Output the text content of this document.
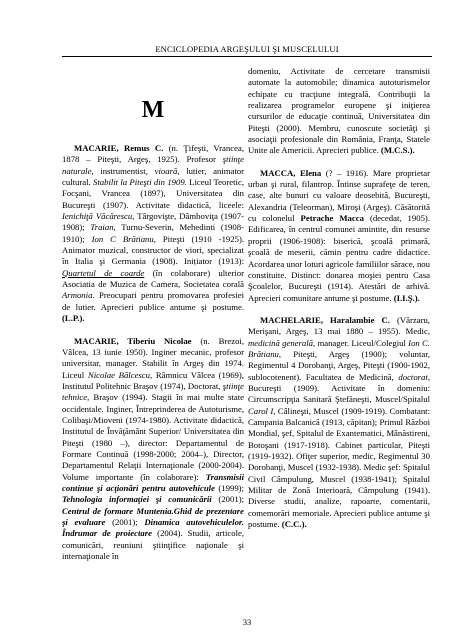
ENCICLOPEDIA ARGEŞULUI ŞI MUSCELULUI

MACARIE, Remus C. (n. Ţifeşti, Vrancea, 1878 – Piteşti, Argeş, 1925). Profesor ştiinţe naturale, instrumentist, vioară, lutier, animator cultural. Stabilit la Piteşti din 1909. Liceul Teoretic, Focşani, Vrancea (1897), Universitatea din Bucureşti (1907). Activitate didactică, liceele: Ienichiţă Văcărescu, Târgovişte, Dâmboviţa (1907-1908); Traian, Turnu-Severin, Mehedinti (1908-1910); Ion C Brătianu, Piteşti (1910 -1925). Animator muzical, constructor de viori, specializat în Italia şi Germania (1908). Inițiator (1913): Quartetul de coarde (în colaborare) ulterior Asociatia de Muzica de Camera, Societatea corală Armonia. Preocupari pentru promovarea profesiei de lutier. Aprecieri publice antume şi postume. (L.P.).

MACARIE, Tiberiu Nicolae (n. Brezoi, Vâlcea, 13 iunie 1950). Inginer mecanic, profesor universitar, manager. Stabilit în Argeş din 1974. Liceul Nicolae Bălcescu, Râmnicu Vâlcea (1969), Institutul Politehnic Braşov (1974), Doctorat, ştiinţe tehnice, Braşov (1994). Stagii în mai multe state occidentale. Inginer, Întreprinderea de Autoturisme, Colibaşi/Mioveni (1974-1980). Activitate didactică, Institutul de Învăţământ Superior/ Universitatea din Piteşti (1980 –), director: Departamentul de Formare Continuă (1998-2000; 2004–), Director, Departamentul Relaţii Internaţionale (2000-2004). Volume importante (în colaborare): Transmisii continue şi acţionări pentru autovehicule (1999); Tehnologia informaţiei şi comunicării (2001); Centrul de formare Munteniа.Ghid de prezentare şi evaluare (2001); Dinamica autovehiculelor. Îndrumar de proiectare (2004). Studii, articole, comunicări, reuniuni ştiinţifice naţionale şi internaţionale în

M

domeniu, Activitate de cercetare transmisii automate la automobile; dinamica autoturismelor echipate cu tracţiune integrală. Contribuţii la realizarea programelor europene şi iniţierea cursurilor de educaţie continuă, Universitatea din Piteşti (2000). Membru, cunoscute societăţi şi asociaţii profesionale din România, Franţa, Statele Unite ale Americii. Aprecieri publice. (M.C.S.).

MACCA, Elena (? – 1916). Mare proprietar urban şi rural, filantrop. Întinse suprafeţe de teren, case, alte bunuri cu valoare deosebită, Bucureşti, Alexandria (Teleorman), Miroşi (Argeş). Căsătorită cu colonelul Petrache Macca (decedat, 1905). Edificarea, în centrul comunei amintite, din resurse proprii (1906-1908): biserică, şcoală primară, şcoală de meserii, cămin pentru cadre didactice. Acordarea unor loturi agricole familiilor sărace, nou constituite. Distinct: donarea moşiei pentru Casa Şcoalelor, Bucureşti (1914). Atestări de arhivă. Aprecieri comunitare antume şi postume. (I.I.Ş.).

MACHELARIE, Haralambie C. (Vărzaru, Merişani, Argeş, 13 mai 1880 – 1955). Medic, medicină generală, manager. Liceul/Colegiul Ion C. Brătianu, Piteşti, Argeş (1900); voluntar, Regimentul 4 Dorobanţi, Argeş, Piteşti (1900-1902, sublocotenent). Facultatea de Medicină, doctorat, Bucureşti (1909). Activitate în domeniu: Circumscripţia Sanitară Ştefăneşti, Muscel/Spitalul Carol I, Câlineşti, Muscel (1909-1919). Combatant: Campania Balcanică (1913, căpitan); Primul Război Mondial, şef, Spitalul de Exantematici, Mânăstireni, Botoşani (1917-1918). Cabinet particular, Piteşti (1919-1932). Ofiţer superior, medic, Regimentul 30 Dorobanţi, Muscel (1932-1938). Medic şef: Spitalul Civil Câmpulung, Muscel (1938-1941); Spitalul Militar de Zonă Interioară, Câmpulung (1941). Diverse studii, analize, rapoarte, comentarii, comemorări memoriale. Aprecieri publice antume şi postume. (C.C.).

33
